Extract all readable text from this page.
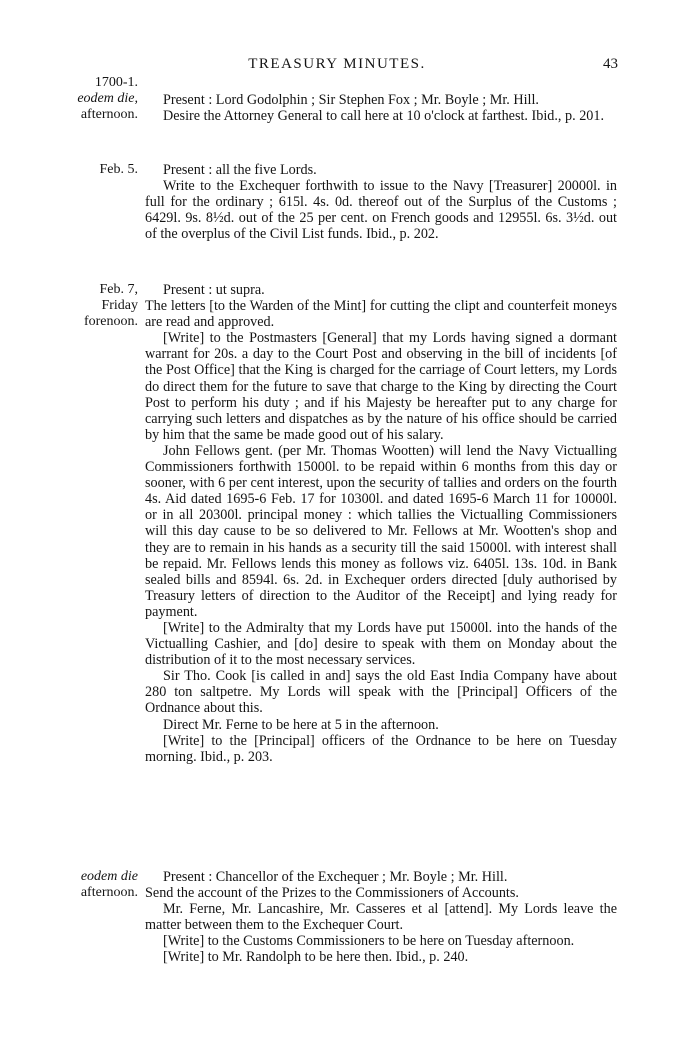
TREASURY MINUTES.	43
1700-1.
eodem die,
afternoon.

Present : Lord Godolphin ; Sir Stephen Fox ; Mr. Boyle ; Mr. Hill.

Desire the Attorney General to call here at 10 o'clock at farthest. Ibid., p. 201.

Feb. 5.	Present : all the five Lords.

Write to the Exchequer forthwith to issue to the Navy [Treasurer] 20000l. in full for the ordinary ; 615l. 4s. 0d. thereof out of the Surplus of the Customs ; 6429l. 9s. 8½d. out of the 25 per cent. on French goods and 12955l. 6s. 3½d. out of the overplus of the Civil List funds. Ibid., p. 202.

Feb. 7,
Friday
forenoon.

Present : ut supra.

The letters [to the Warden of the Mint] for cutting the clipt and counterfeit moneys are read and approved.

[Write] to the Postmasters [General] that my Lords having signed a dormant warrant for 20s. a day to the Court Post and observing in the bill of incidents [of the Post Office] that the King is charged for the carriage of Court letters, my Lords do direct them for the future to save that charge to the King by directing the Court Post to perform his duty ; and if his Majesty be hereafter put to any charge for carrying such letters and dispatches as by the nature of his office should be carried by him that the same be made good out of his salary.

John Fellows gent. (per Mr. Thomas Wootten) will lend the Navy Victualling Commissioners forthwith 15000l. to be repaid within 6 months from this day or sooner, with 6 per cent interest, upon the security of tallies and orders on the fourth 4s. Aid dated 1695-6 Feb. 17 for 10300l. and dated 1695-6 March 11 for 10000l. or in all 20300l. principal money : which tallies the Victualling Commissioners will this day cause to be so delivered to Mr. Fellows at Mr. Wootten's shop and they are to remain in his hands as a security till the said 15000l. with interest shall be repaid. Mr. Fellows lends this money as follows viz. 6405l. 13s. 10d. in Bank sealed bills and 8594l. 6s. 2d. in Exchequer orders directed [duly authorised by Treasury letters of direction to the Auditor of the Receipt] and lying ready for payment.

[Write] to the Admiralty that my Lords have put 15000l. into the hands of the Victualling Cashier, and [do] desire to speak with them on Monday about the distribution of it to the most necessary services.

Sir Tho. Cook [is called in and] says the old East India Company have about 280 ton saltpetre. My Lords will speak with the [Principal] Officers of the Ordnance about this.

Direct Mr. Ferne to be here at 5 in the afternoon.

[Write] to the [Principal] officers of the Ordnance to be here on Tuesday morning. Ibid., p. 203.

eodem die
afternoon.

Present : Chancellor of the Exchequer ; Mr. Boyle ; Mr. Hill.

Send the account of the Prizes to the Commissioners of Accounts.

Mr. Ferne, Mr. Lancashire, Mr. Casseres et al [attend]. My Lords leave the matter between them to the Exchequer Court.

[Write] to the Customs Commissioners to be here on Tuesday afternoon.

[Write] to Mr. Randolph to be here then. Ibid., p. 240.
